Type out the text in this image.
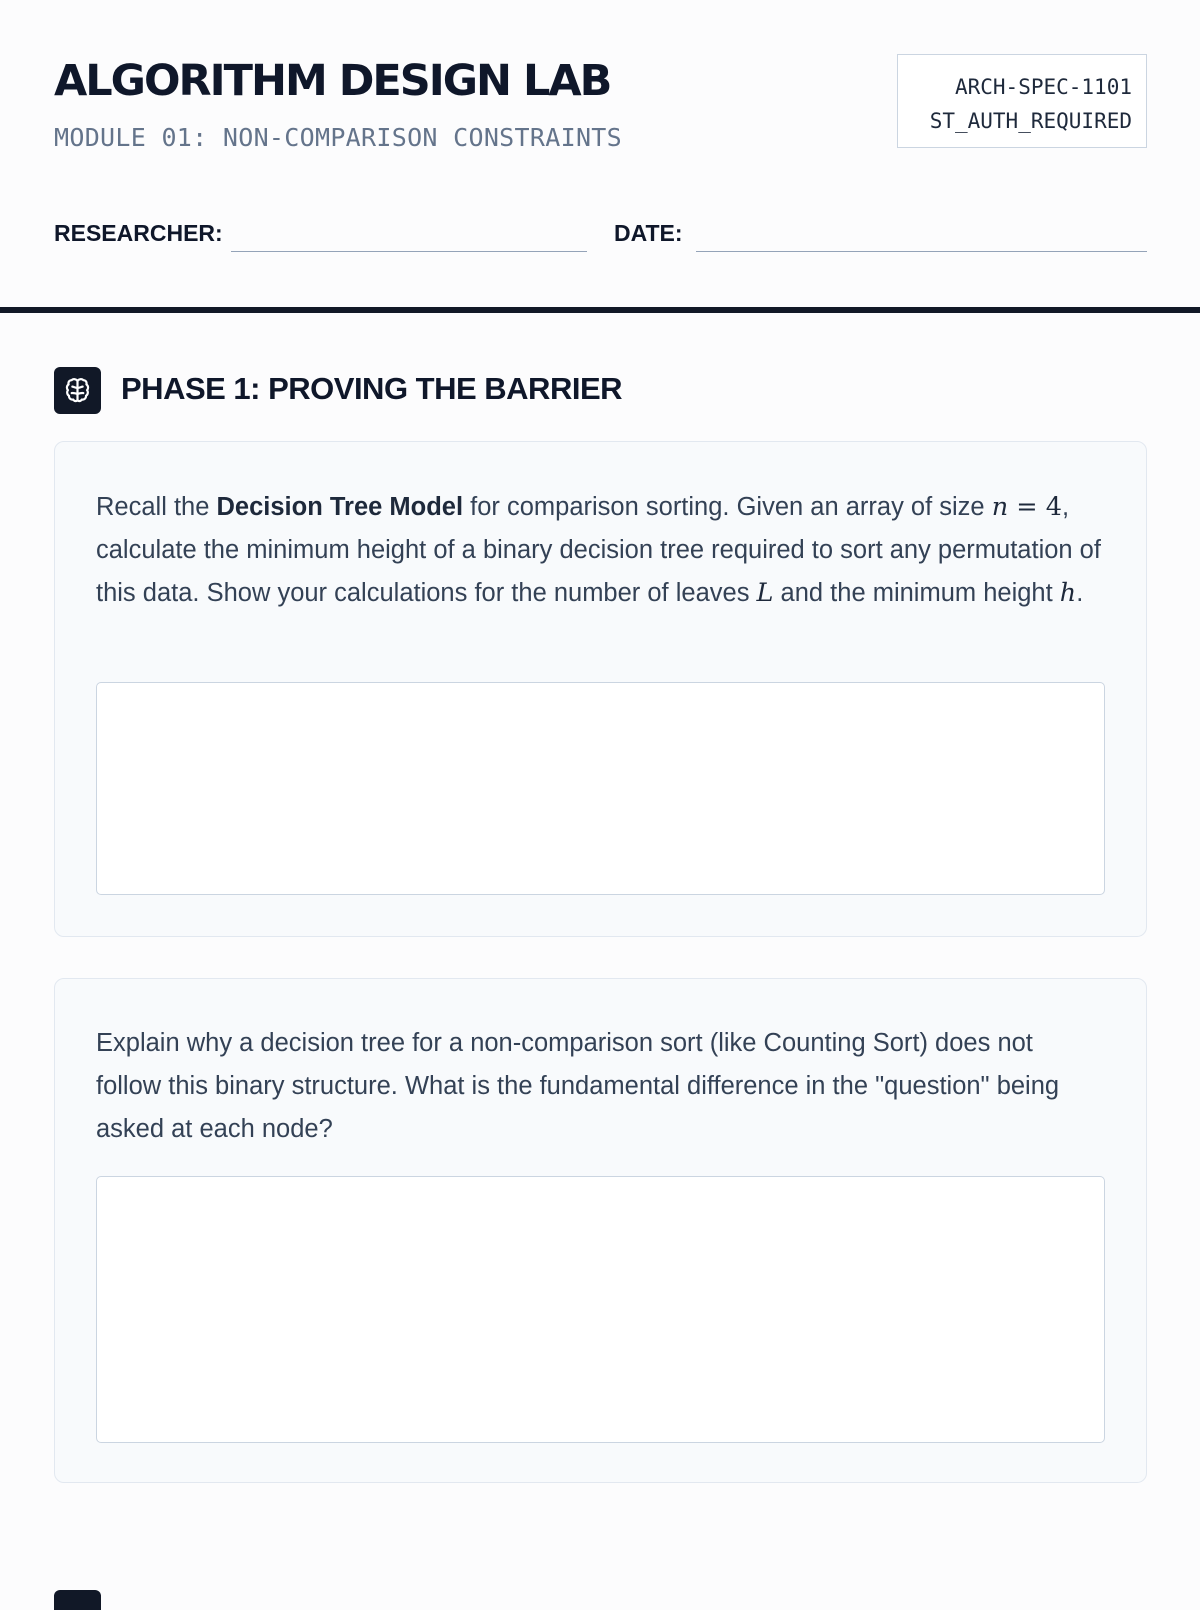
ALGORITHM DESIGN LAB
MODULE 01: NON-COMPARISON CONSTRAINTS
ARCH-SPEC-1101
ST_AUTH_REQUIRED
RESEARCHER:	DATE:
PHASE 1: PROVING THE BARRIER
Recall the Decision Tree Model for comparison sorting. Given an array of size n = 4, calculate the minimum height of a binary decision tree required to sort any permutation of this data. Show your calculations for the number of leaves L and the minimum height h.
Explain why a decision tree for a non-comparison sort (like Counting Sort) does not follow this binary structure. What is the fundamental difference in the "question" being asked at each node?
